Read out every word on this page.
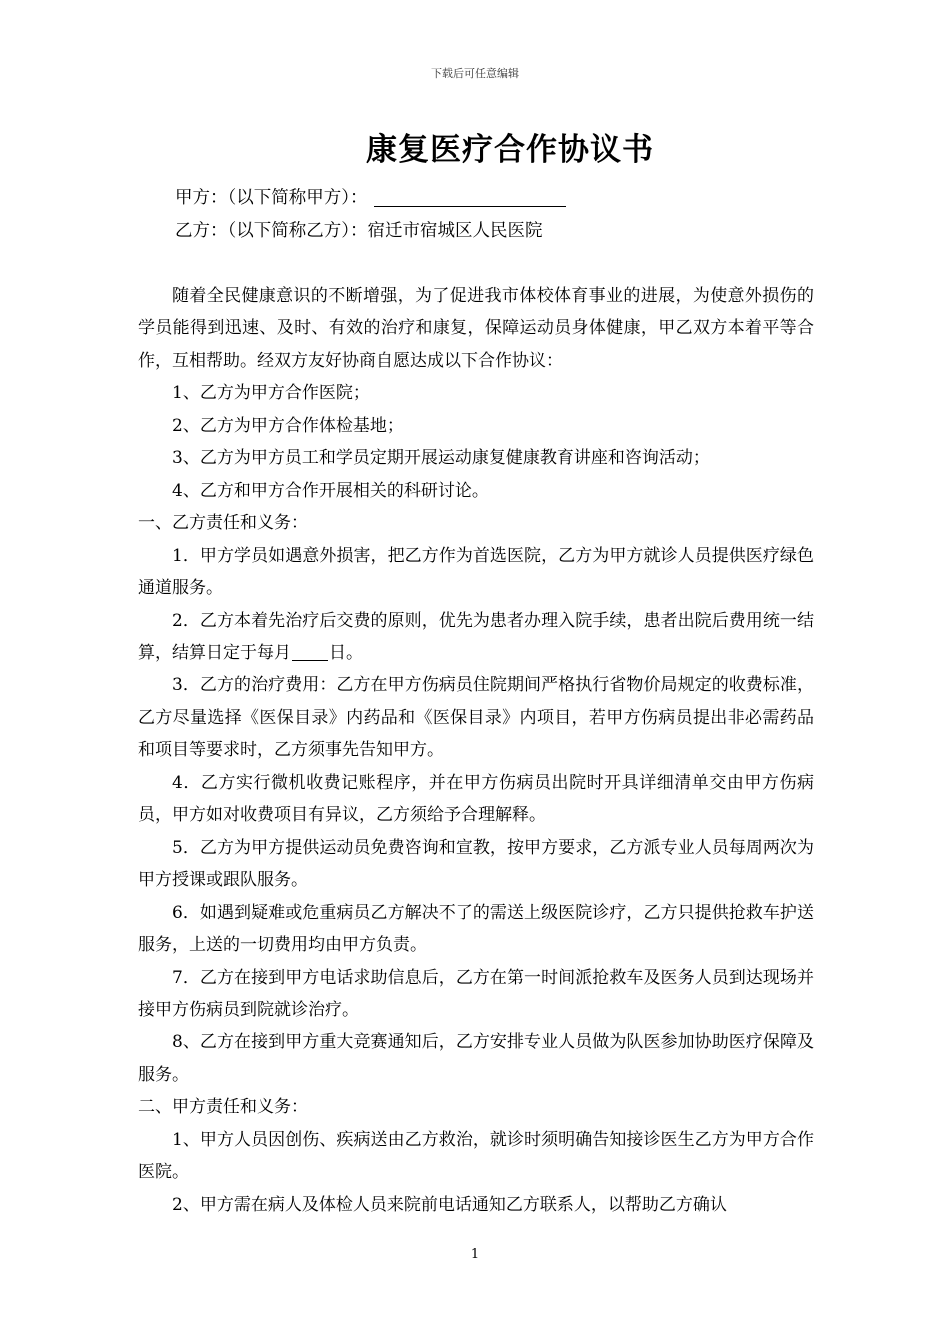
下载后可任意编辑
康复医疗合作协议书
甲方：（以下简称甲方）：
乙方：（以下简称乙方）：宿迁市宿城区人民医院

随着全民健康意识的不断增强，为了促进我市体校体育事业的进展，为使意外损伤的学员能得到迅速、及时、有效的治疗和康复，保障运动员身体健康，甲乙双方本着平等合作，互相帮助。经双方友好协商自愿达成以下合作协议：

1、乙方为甲方合作医院；

2、乙方为甲方合作体检基地；

3、乙方为甲方员工和学员定期开展运动康复健康教育讲座和咨询活动；

4、乙方和甲方合作开展相关的科研讨论。

一、乙方责任和义务：

1．甲方学员如遇意外损害，把乙方作为首选医院，乙方为甲方就诊人员提供医疗绿色通道服务。

2．乙方本着先治疗后交费的原则，优先为患者办理入院手续，患者出院后费用统一结算，结算日定于每月 日。

3．乙方的治疗费用：乙方在甲方伤病员住院期间严格执行省物价局规定的收费标准，乙方尽量选择《医保目录》内药品和《医保目录》内项目，若甲方伤病员提出非必需药品和项目等要求时，乙方须事先告知甲方。

4．乙方实行微机收费记账程序，并在甲方伤病员出院时开具详细清单交由甲方伤病员，甲方如对收费项目有异议，乙方须给予合理解释。

5．乙方为甲方提供运动员免费咨询和宣教，按甲方要求，乙方派专业人员每周两次为甲方授课或跟队服务。

6．如遇到疑难或危重病员乙方解决不了的需送上级医院诊疗，乙方只提供抢救车护送服务，上送的一切费用均由甲方负责。

7．乙方在接到甲方电话求助信息后，乙方在第一时间派抢救车及医务人员到达现场并接甲方伤病员到院就诊治疗。

8、乙方在接到甲方重大竞赛通知后，乙方安排专业人员做为队医参加协助医疗保障及服务。

二、甲方责任和义务：

1、甲方人员因创伤、疾病送由乙方救治，就诊时须明确告知接诊医生乙方为甲方合作医院。

2、甲方需在病人及体检人员来院前电话通知乙方联系人，以帮助乙方确认

1
